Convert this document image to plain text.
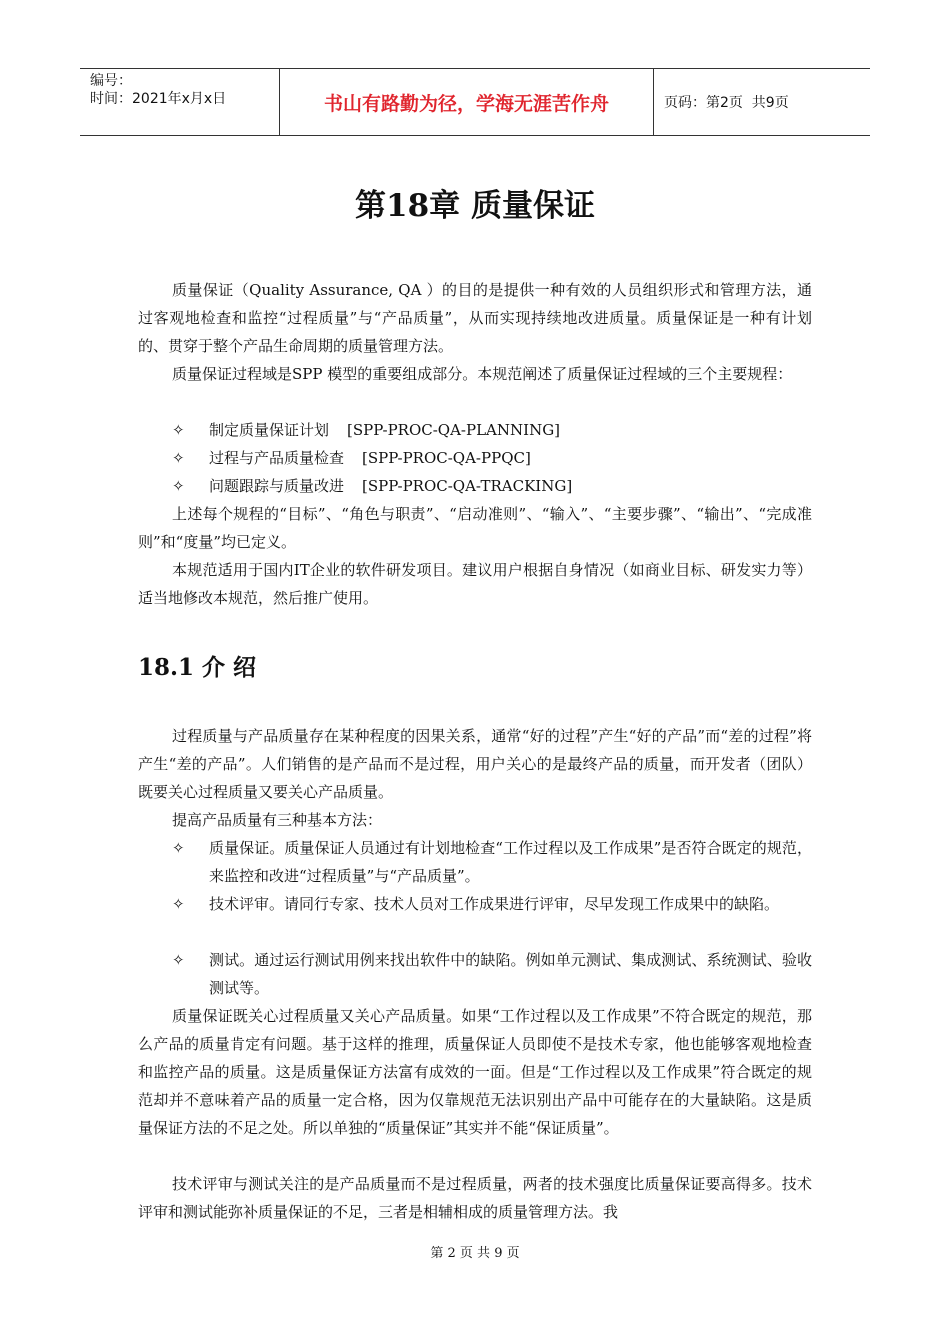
编号：
时间：2021年x月x日	书山有路勤为径，学海无涯苦作舟	页码：第2页  共9页
第18章 质量保证
质量保证（Quality Assurance, QA ）的目的是提供一种有效的人员组织形式和管理方法，通过客观地检查和监控“过程质量”与“产品质量”，从而实现持续地改进质量。质量保证是一种有计划的、贯穿于整个产品生命周期的质量管理方法。
质量保证过程域是SPP 模型的重要组成部分。本规范阐述了质量保证过程域的三个主要规程：
✧	制定质量保证计划 [SPP-PROC-QA-PLANNING]
✧	过程与产品质量检查 [SPP-PROC-QA-PPQC]
✧	问题跟踪与质量改进 [SPP-PROC-QA-TRACKING]
上述每个规程的“目标”、“角色与职责”、“启动准则”、“输入”、“主要步骤”、“输出”、“完成准则”和“度量”均已定义。
本规范适用于国内IT企业的软件研发项目。建议用户根据自身情况（如商业目标、研发实力等）适当地修改本规范，然后推广使用。
18.1 介 绍
过程质量与产品质量存在某种程度的因果关系，通常“好的过程”产生“好的产品”而“差的过程”将产生“差的产品”。人们销售的是产品而不是过程，用户关心的是最终产品的质量，而开发者（团队）既要关心过程质量又要关心产品质量。
提高产品质量有三种基本方法：
✧	质量保证。质量保证人员通过有计划地检查“工作过程以及工作成果”是否符合既定的规范，来监控和改进“过程质量”与“产品质量”。
✧	技术评审。请同行专家、技术人员对工作成果进行评审，尽早发现工作成果中的缺陷。
✧	测试。通过运行测试用例来找出软件中的缺陷。例如单元测试、集成测试、系统测试、验收测试等。
质量保证既关心过程质量又关心产品质量。如果“工作过程以及工作成果”不符合既定的规范，那么产品的质量肯定有问题。基于这样的推理，质量保证人员即使不是技术专家，他也能够客观地检查和监控产品的质量。这是质量保证方法富有成效的一面。但是“工作过程以及工作成果”符合既定的规范却并不意味着产品的质量一定合格，因为仅靠规范无法识别出产品中可能存在的大量缺陷。这是质量保证方法的不足之处。所以单独的“质量保证”其实并不能“保证质量”。
技术评审与测试关注的是产品质量而不是过程质量，两者的技术强度比质量保证要高得多。技术评审和测试能弥补质量保证的不足，三者是相辅相成的质量管理方法。我
第 2 页 共 9 页
